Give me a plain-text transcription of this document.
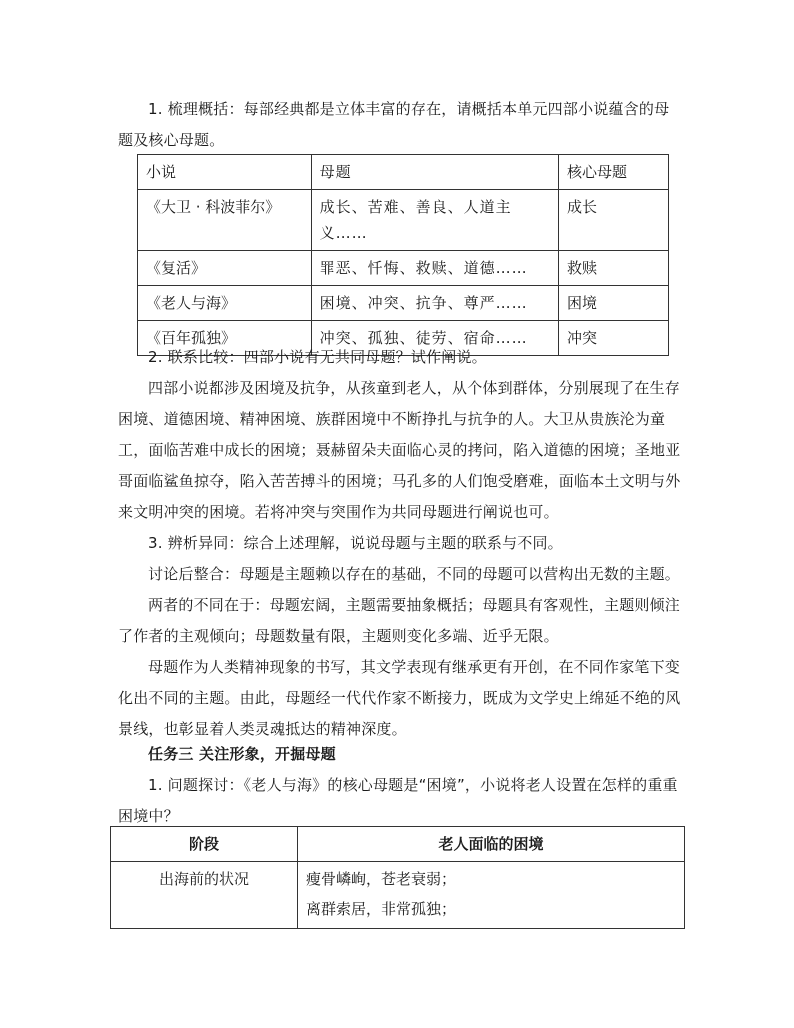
1. 梳理概括：每部经典都是立体丰富的存在，请概括本单元四部小说蕴含的母题及核心母题。

小说	母题	核心母题
《大卫 · 科波菲尔》	成长、苦难、善良、人道主义……	成长
《复活》	罪恶、忏悔、救赎、道德……	救赎
《老人与海》	困境、冲突、抗争、尊严……	困境
《百年孤独》	冲突、孤独、徒劳、宿命……	冲突

2. 联系比较：四部小说有无共同母题？试作阐说。

四部小说都涉及困境及抗争，从孩童到老人，从个体到群体，分别展现了在生存困境、道德困境、精神困境、族群困境中不断挣扎与抗争的人。大卫从贵族沦为童工，面临苦难中成长的困境；聂赫留朵夫面临心灵的拷问，陷入道德的困境；圣地亚哥面临鲨鱼掠夺，陷入苦苦搏斗的困境；马孔多的人们饱受磨难，面临本土文明与外来文明冲突的困境。若将冲突与突围作为共同母题进行阐说也可。

3. 辨析异同：综合上述理解，说说母题与主题的联系与不同。

讨论后整合：母题是主题赖以存在的基础，不同的母题可以营构出无数的主题。

两者的不同在于：母题宏阔，主题需要抽象概括；母题具有客观性，主题则倾注了作者的主观倾向；母题数量有限，主题则变化多端、近乎无限。

母题作为人类精神现象的书写，其文学表现有继承更有开创，在不同作家笔下变化出不同的主题。由此，母题经一代代作家不断接力，既成为文学史上绵延不绝的风景线，也彰显着人类灵魂抵达的精神深度。

任务三 关注形象，开掘母题

1. 问题探讨：《老人与海》的核心母题是“困境”，小说将老人设置在怎样的重重困境中？

阶段	老人面临的困境
出海前的状况	瘦骨嶙峋，苍老衰弱；
离群索居，非常孤独；
